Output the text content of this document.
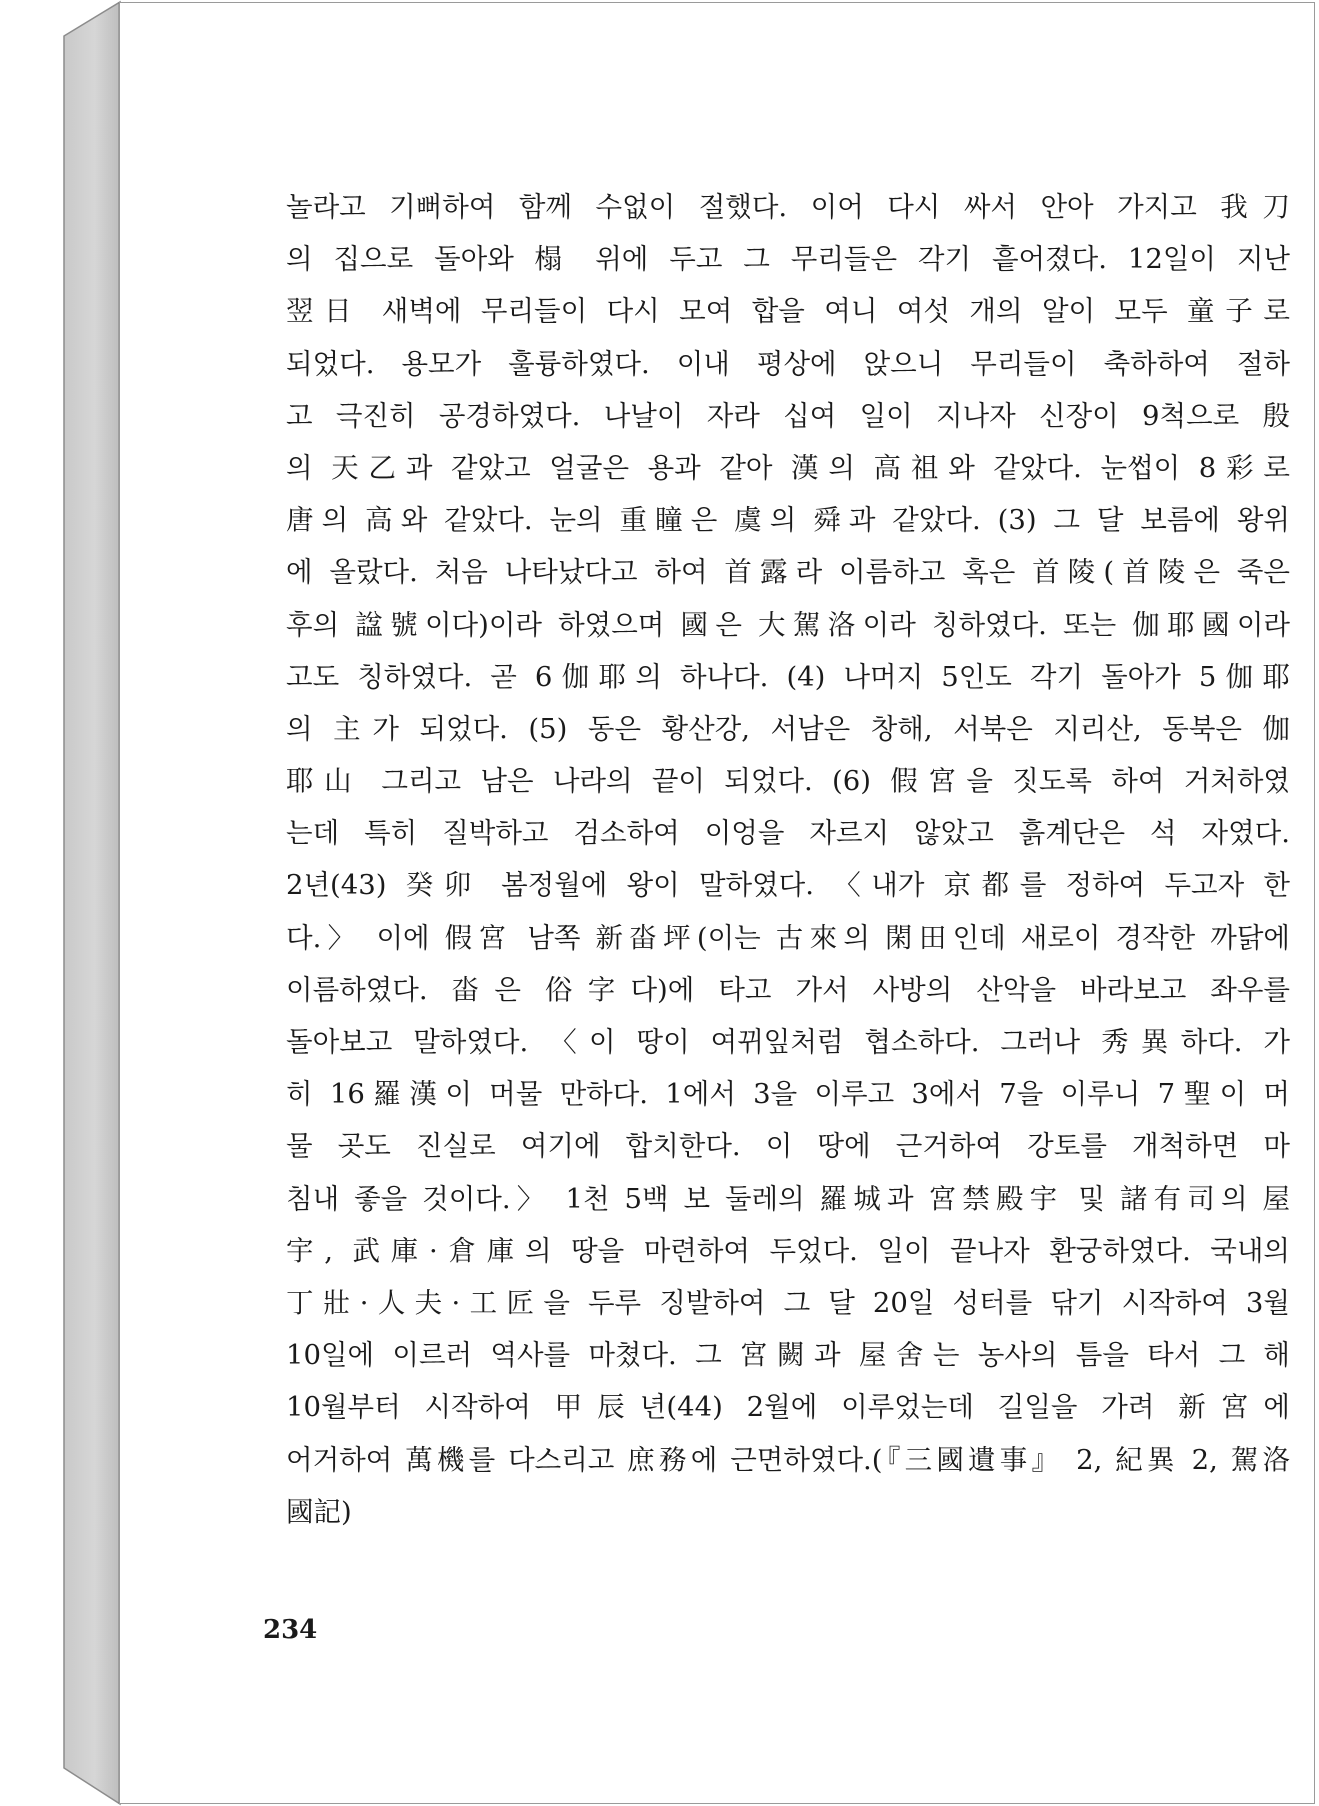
놀라고 기뻐하여 함께 수없이 절했다. 이어 다시 싸서 안아 가지고 我刀
의 집으로 돌아와 榻 위에 두고 그 무리들은 각기 흩어졌다. 12일이 지난
翌日 새벽에 무리들이 다시 모여 합을 여니 여섯 개의 알이 모두 童子로
되었다. 용모가 훌륭하였다. 이내 평상에 앉으니 무리들이 축하하여 절하
고 극진히 공경하였다. 나날이 자라 십여 일이 지나자 신장이 9척으로 殷
의 天乙과 같았고 얼굴은 용과 같아 漢의 高祖와 같았다. 눈썹이 8彩로
唐의 高와 같았다. 눈의 重瞳은 虞의 舜과 같았다. (3) 그 달 보름에 왕위
에 올랐다. 처음 나타났다고 하여 首露라 이름하고 혹은 首陵(首陵은 죽은
후의 諡號이다)이라 하였으며 國은 大駕洛이라 칭하였다. 또는 伽耶國이라
고도 칭하였다. 곧 6伽耶의 하나다. (4) 나머지 5인도 각기 돌아가 5伽耶
의 主가 되었다. (5) 동은 황산강, 서남은 창해, 서북은 지리산, 동북은 伽
耶山 그리고 남은 나라의 끝이 되었다. (6) 假宮을 짓도록 하여 거처하였
는데 특히 질박하고 검소하여 이엉을 자르지 않았고 흙계단은 석 자였다.
2년(43) 癸卯 봄정월에 왕이 말하였다. 〈내가 京都를 정하여 두고자 한
다.〉 이에 假宮 남쪽 新畓坪(이는 古來의 閑田인데 새로이 경작한 까닭에
이름하였다. 畓은 俗字다)에 타고 가서 사방의 산악을 바라보고 좌우를
돌아보고 말하였다. 〈이 땅이 여뀌잎처럼 협소하다. 그러나 秀異하다. 가
히 16羅漢이 머물 만하다. 1에서 3을 이루고 3에서 7을 이루니 7聖이 머
물 곳도 진실로 여기에 합치한다. 이 땅에 근거하여 강토를 개척하면 마
침내 좋을 것이다.〉 1천 5백 보 둘레의 羅城과 宮禁殿宇 및 諸有司의 屋
宇, 武庫·倉庫의 땅을 마련하여 두었다. 일이 끝나자 환궁하였다. 국내의
丁壯·人夫·工匠을 두루 징발하여 그 달 20일 성터를 닦기 시작하여 3월
10일에 이르러 역사를 마쳤다. 그 宮闕과 屋舍는 농사의 틈을 타서 그 해
10월부터 시작하여 甲辰년(44) 2월에 이루었는데 길일을 가려 新宮에
어거하여 萬機를 다스리고 庶務에 근면하였다.(『三國遺事』 2, 紀異 2, 駕洛
國記)
234
